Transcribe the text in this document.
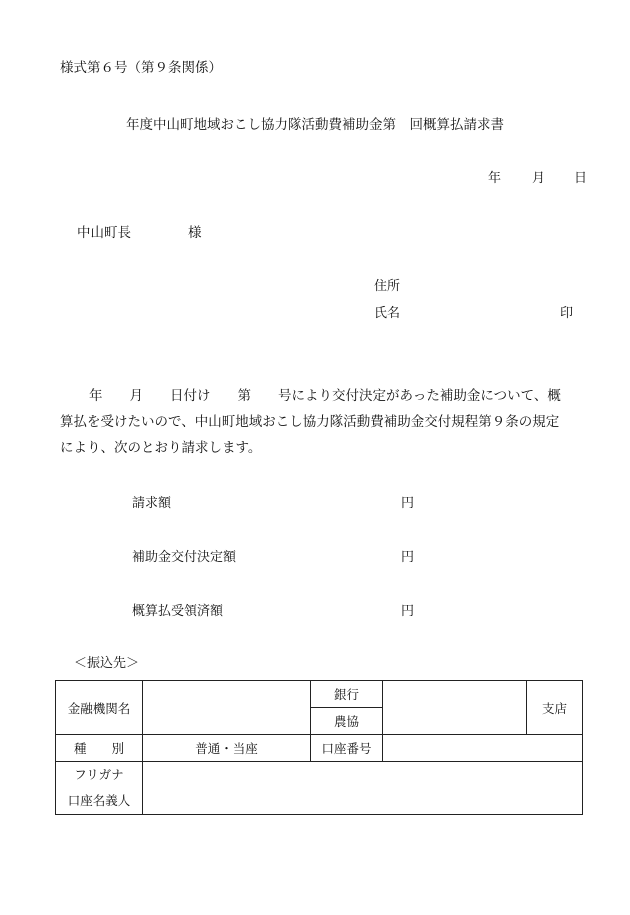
様式第６号（第９条関係）
年度中山町地域おこし協力隊活動費補助金第　回概算払請求書
年 月 日
中山町長	様
住所
氏名	印
年　　月　　日付け　　第　　号により交付決定があった補助金について、概
算払を受けたいので、中山町地域おこし協力隊活動費補助金交付規程第９条の規定
により、次のとおり請求します。
請求額	円
補助金交付決定額	円
概算払受領済額	円
＜振込先＞
金融機関名		銀行		支店
		農協		
種　　別	普通・当座	口座番号		

フリガナ
口座名義人				
